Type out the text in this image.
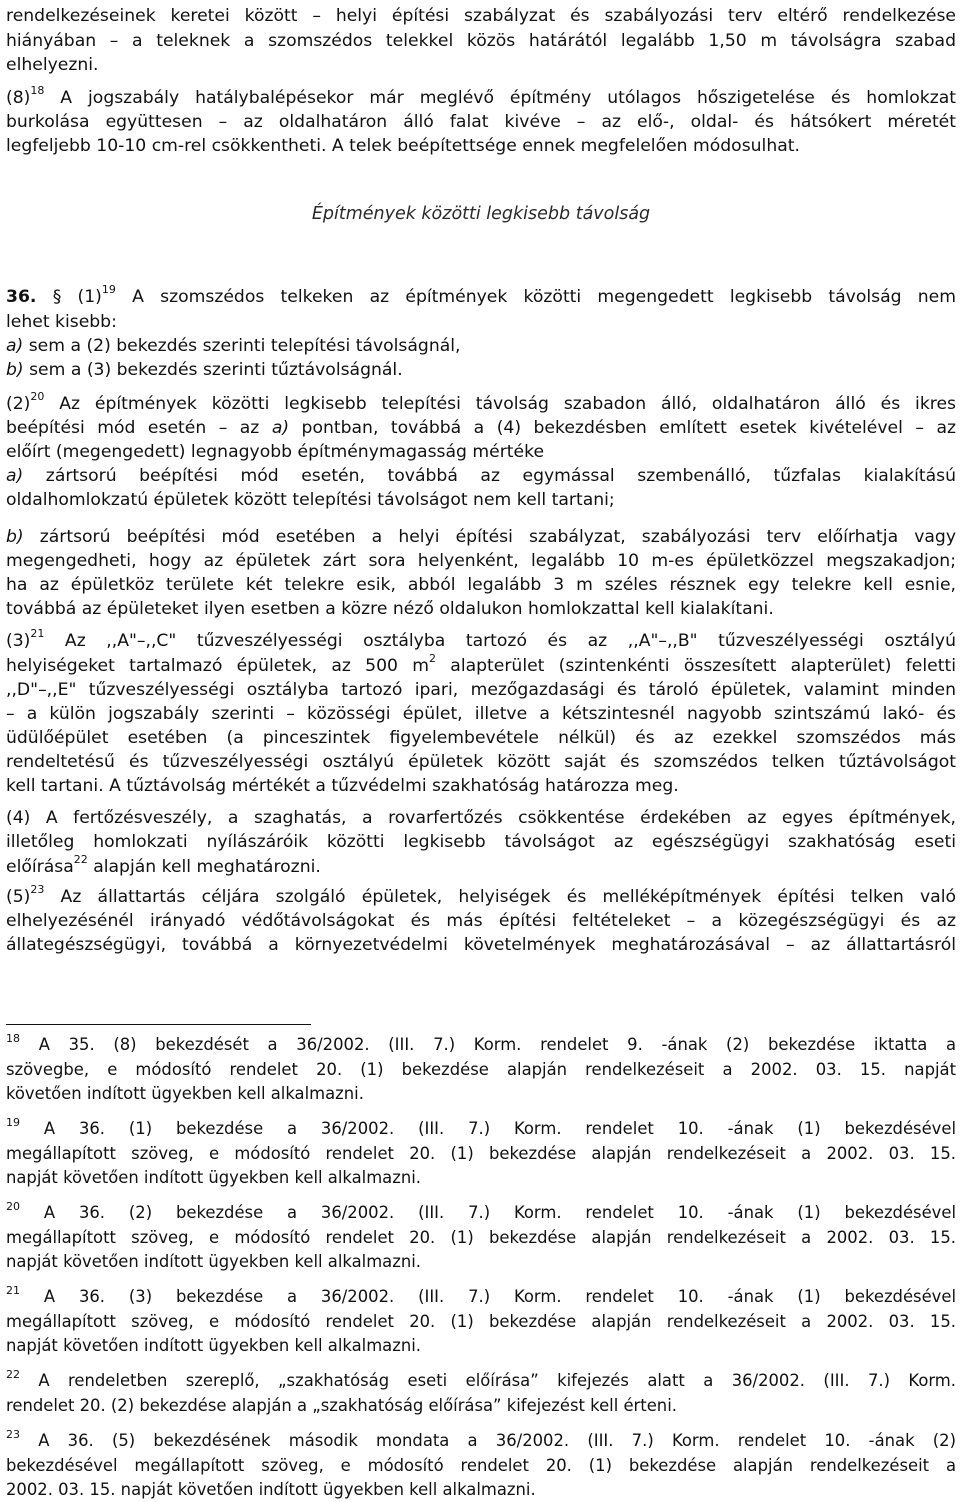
rendelkezéseinek keretei között – helyi építési szabályzat és szabályozási terv eltérő rendelkezése
hiányában – a teleknek a szomszédos telekkel közös határától legalább 1,50 m távolságra szabad
elhelyezni.
$(8)^{18}$ A jogszabály hatálybalépésekor már meglévő építmény utólagos hőszigetelése és homlokzat
burkolása együttesen – az oldalhatáron álló falat kivéve – az elő-, oldal- és hátsókert méretét
legfeljebb 10-10 cm-rel csökkentheti. A telek beépítettsége ennek megfelelően módosulhat.
36. § $(1)^{19}$ A szomszédos telkeken az építmények közötti megengedett legkisebb távolság nem
lehet kisebb:
a) sem a (2) bekezdés szerinti telepítési távolságnál,
b) sem a (3) bekezdés szerinti tűztávolságnál.
$(2)^{20}$ Az építmények közötti legkisebb telepítési távolság szabadon álló, oldalhatáron álló és ikres
beépítési mód esetén – az a) pontban, továbbá a (4) bekezdésben említett esetek kivételével – az
előírt (megengedett) legnagyobb építménymagasság mértéke
a) zártsorú beépítési mód esetén, továbbá az egymással szembenálló, tűzfalas kialakítású
oldalhomlokzatú épületek között telepítési távolságot nem kell tartani;
b) zártsorú beépítési mód esetében a helyi építési szabályzat, szabályozási terv előírhatja vagy
megengedheti, hogy az épületek zárt sora helyenként, legalább 10 m-es épületközzel megszakadjon;
ha az épületköz területe két telekre esik, abból legalább 3 m széles résznek egy telekre kell esnie,
továbbá az épületeket ilyen esetben a közre néző oldalukon homlokzattal kell kialakítani.
$(3)^{21}$ Az ,,A"–,,C" tűzveszélyességi osztályba tartozó és az ,,A"–,,B" tűzveszélyességi osztályú
helyiségeket tartalmazó épületek, az 500 $m^2$ alapterület (szintenkénti összesített alapterület) feletti
,,D"–,,E" tűzveszélyességi osztályba tartozó ipari, mezőgazdasági és tároló épületek, valamint minden
– a külön jogszabály szerinti – közösségi épület, illetve a kétszintesnél nagyobb szintszámú lakó- és
üdülőépület esetében (a pinceszintek figyelembevétele nélkül) és az ezekkel szomszédos más
rendeltetésű és tűzveszélyességi osztályú épületek között saját és szomszédos telken tűztávolságot
kell tartani. A tűztávolság mértékét a tűzvédelmi szakhatóság határozza meg.
(4) A fertőzésveszély, a szaghatás, a rovarfertőzés csökkentése érdekében az egyes építmények,
illetőleg homlokzati nyílászáróik közötti legkisebb távolságot az egészségügyi szakhatóság eseti
előírása$^{22}$ alapján kell meghatározni.
$(5)^{23}$ Az állattartás céljára szolgáló épületek, helyiségek és melléképítmények építési telken való
elhelyezésénél irányadó védőtávolságokat és más építési feltételeket – a közegészségügyi és az
állategészségügyi, továbbá a környezetvédelmi követelmények meghatározásával – az állattartásról
Építmények közötti legkisebb távolság
$^{18}$ A 35. (8) bekezdését a 36/2002. (III. 7.) Korm. rendelet 9. -ának (2) bekezdése iktatta a
szövegbe, e módosító rendelet 20. (1) bekezdése alapján rendelkezéseit a 2002. 03. 15. napját
követően indított ügyekben kell alkalmazni.
$^{19}$ A 36. (1) bekezdése a 36/2002. (III. 7.) Korm. rendelet 10. -ának (1) bekezdésével
megállapított szöveg, e módosító rendelet 20. (1) bekezdése alapján rendelkezéseit a 2002. 03. 15.
napját követően indított ügyekben kell alkalmazni.
$^{20}$ A 36. (2) bekezdése a 36/2002. (III. 7.) Korm. rendelet 10. -ának (1) bekezdésével
megállapított szöveg, e módosító rendelet 20. (1) bekezdése alapján rendelkezéseit a 2002. 03. 15.
napját követően indított ügyekben kell alkalmazni.
$^{21}$ A 36. (3) bekezdése a 36/2002. (III. 7.) Korm. rendelet 10. -ának (1) bekezdésével
megállapított szöveg, e módosító rendelet 20. (1) bekezdése alapján rendelkezéseit a 2002. 03. 15.
napját követően indított ügyekben kell alkalmazni.
$^{22}$ A rendeletben szereplő, „szakhatóság eseti előírása” kifejezés alatt a 36/2002. (III. 7.) Korm.
rendelet 20. (2) bekezdése alapján a „szakhatóság előírása” kifejezést kell érteni.
$^{23}$ A 36. (5) bekezdésének második mondata a 36/2002. (III. 7.) Korm. rendelet 10. -ának (2)
bekezdésével megállapított szöveg, e módosító rendelet 20. (1) bekezdése alapján rendelkezéseit a
2002. 03. 15. napját követően indított ügyekben kell alkalmazni.
